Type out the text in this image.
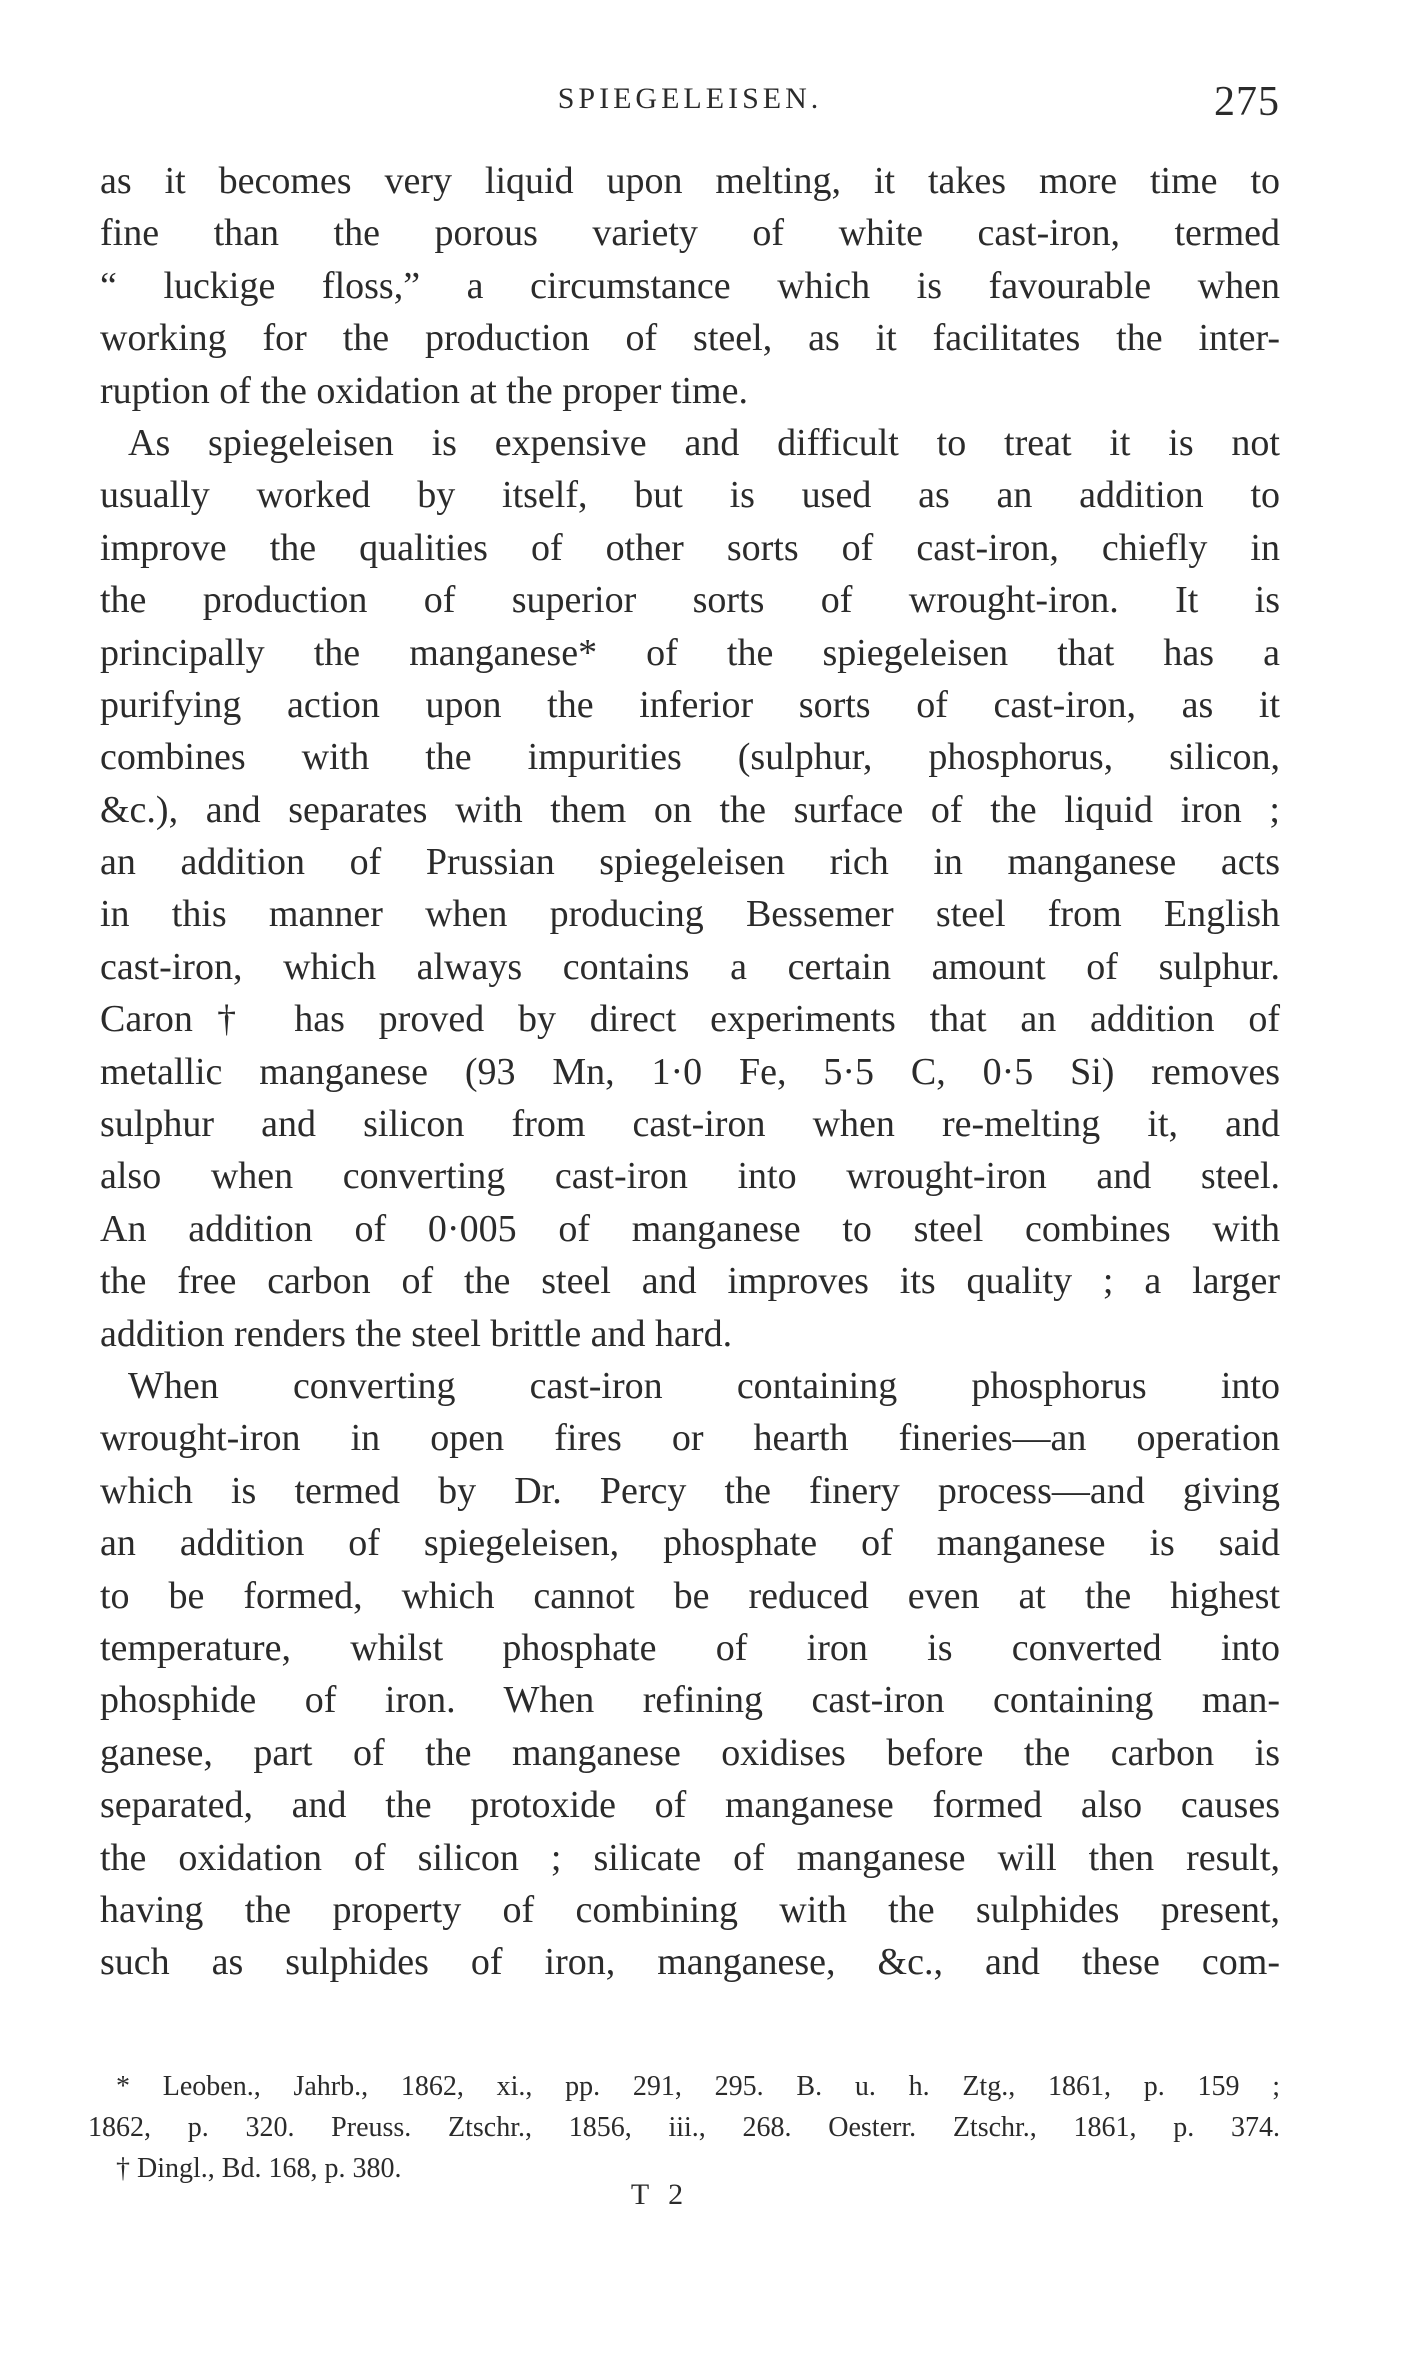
SPIEGELEISEN.	275
as it becomes very liquid upon melting, it takes more time to
fine than the porous variety of white cast-iron, termed
“ luckige floss,” a circumstance which is favourable when
working for the production of steel, as it facilitates the inter-
ruption of the oxidation at the proper time.
As spiegeleisen is expensive and difficult to treat it is not
usually worked by itself, but is used as an addition to
improve the qualities of other sorts of cast-iron, chiefly in
the production of superior sorts of wrought-iron. It is
principally the manganese* of the spiegeleisen that has a
purifying action upon the inferior sorts of cast-iron, as it
combines with the impurities (sulphur, phosphorus, silicon,
&c.), and separates with them on the surface of the liquid iron ;
an addition of Prussian spiegeleisen rich in manganese acts
in this manner when producing Bessemer steel from English
cast-iron, which always contains a certain amount of sulphur.
Caron† has proved by direct experiments that an addition of
metallic manganese (93 Mn, 1·0 Fe, 5·5 C, 0·5 Si) removes
sulphur and silicon from cast-iron when re-melting it, and
also when converting cast-iron into wrought-iron and steel.
An addition of 0·005 of manganese to steel combines with
the free carbon of the steel and improves its quality ; a larger
addition renders the steel brittle and hard.
When converting cast-iron containing phosphorus into
wrought-iron in open fires or hearth fineries—an operation
which is termed by Dr. Percy the finery process—and giving
an addition of spiegeleisen, phosphate of manganese is said
to be formed, which cannot be reduced even at the highest
temperature, whilst phosphate of iron is converted into
phosphide of iron. When refining cast-iron containing man-
ganese, part of the manganese oxidises before the carbon is
separated, and the protoxide of manganese formed also causes
the oxidation of silicon ; silicate of manganese will then result,
having the property of combining with the sulphides present,
such as sulphides of iron, manganese, &c., and these com-
* Leoben., Jahrb., 1862, xi., pp. 291, 295. B. u. h. Ztg., 1861, p. 159 ;
1862, p. 320. Preuss. Ztschr., 1856, iii., 268. Oesterr. Ztschr., 1861, p. 374.
† Dingl., Bd. 168, p. 380.
T 2
